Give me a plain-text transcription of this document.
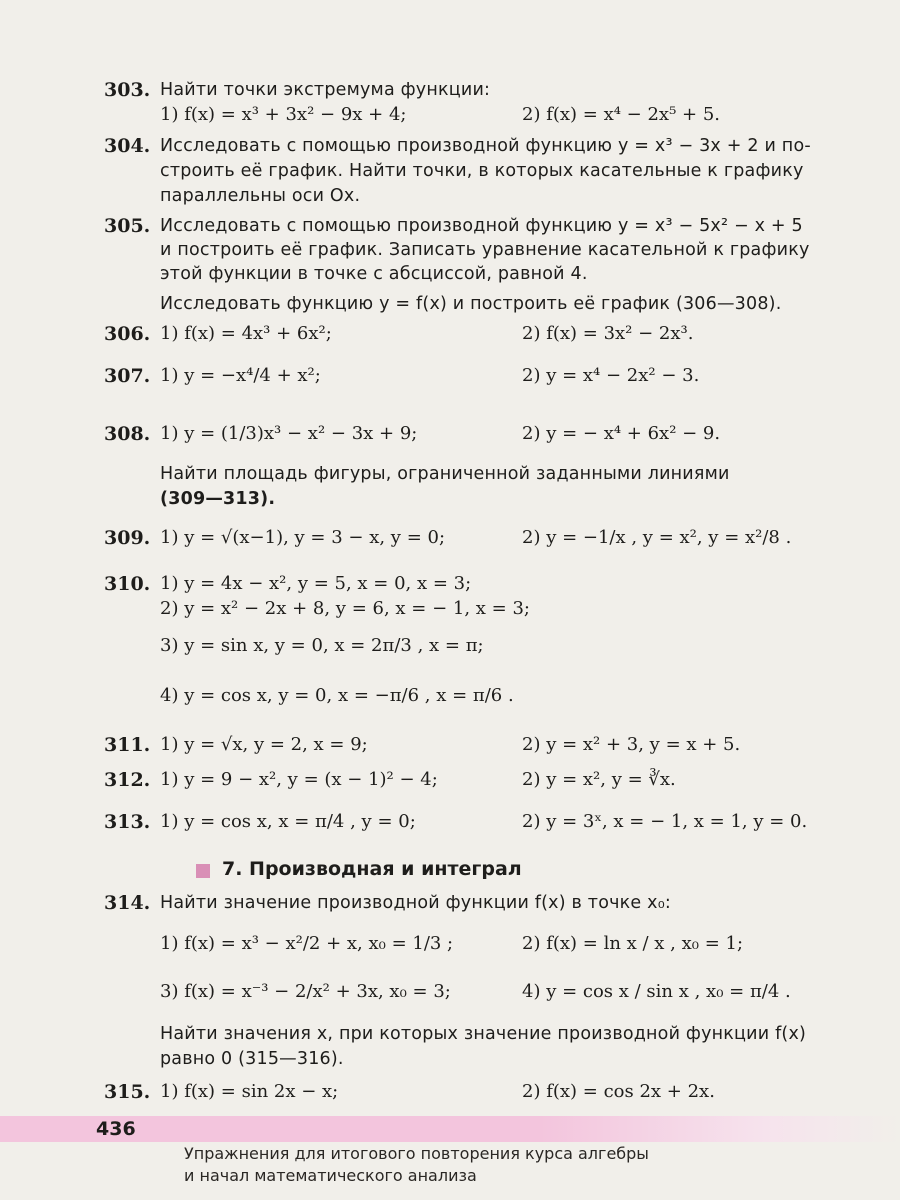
303. Найти точки экстремума функции:
1) f(x) = x³ + 3x² − 9x + 4;	2) f(x) = x⁴ − 2x⁵ + 5.
304. Исследовать с помощью производной функцию y = x³ − 3x + 2 и по-
строить её график. Найти точки, в которых касательные к графику
параллельны оси Ox.
305. Исследовать с помощью производной функцию y = x³ − 5x² − x + 5
и построить её график. Записать уравнение касательной к графику
этой функции в точке с абсциссой, равной 4.
Исследовать функцию y = f(x) и построить её график (306—308).
306. 1) f(x) = 4x³ + 6x²;	2) f(x) = 3x² − 2x³.
307. 1) y = −x⁴/4 + x²;	2) y = x⁴ − 2x² − 3.
308. 1) y = (1/3)x³ − x² − 3x + 9;	2) y = − x⁴ + 6x² − 9.
Найти площадь фигуры, ограниченной заданными линиями
(309—313).
309. 1) y = √(x−1), y = 3 − x, y = 0;	2) y = −1/x , y = x², y = x²/8 .
310. 1) y = 4x − x², y = 5, x = 0, x = 3;
2) y = x² − 2x + 8, y = 6, x = − 1, x = 3;
3) y = sin x, y = 0, x = 2π/3 , x = π;
4) y = cos x, y = 0, x = −π/6 , x = π/6 .
311. 1) y = √x, y = 2, x = 9;	2) y = x² + 3, y = x + 5.
312. 1) y = 9 − x², y = (x − 1)² − 4;	2) y = x², y = ∛x.
313. 1) y = cos x, x = π/4 , y = 0;	2) y = 3ˣ, x = − 1, x = 1, y = 0.
7. Производная и интеграл
314. Найти значение производной функции f(x) в точке x₀:
1) f(x) = x³ − x²/2 + x, x₀ = 1/3 ;	2) f(x) = ln x / x , x₀ = 1;
3) f(x) = x⁻³ − 2/x² + 3x, x₀ = 3;	4) y = cos x / sin x , x₀ = π/4 .
Найти значения x, при которых значение производной функции f(x)
равно 0 (315—316).
315. 1) f(x) = sin 2x − x;	2) f(x) = cos 2x + 2x.
436
Упражнения для итогового повторения курса алгебры
и начал математического анализа
